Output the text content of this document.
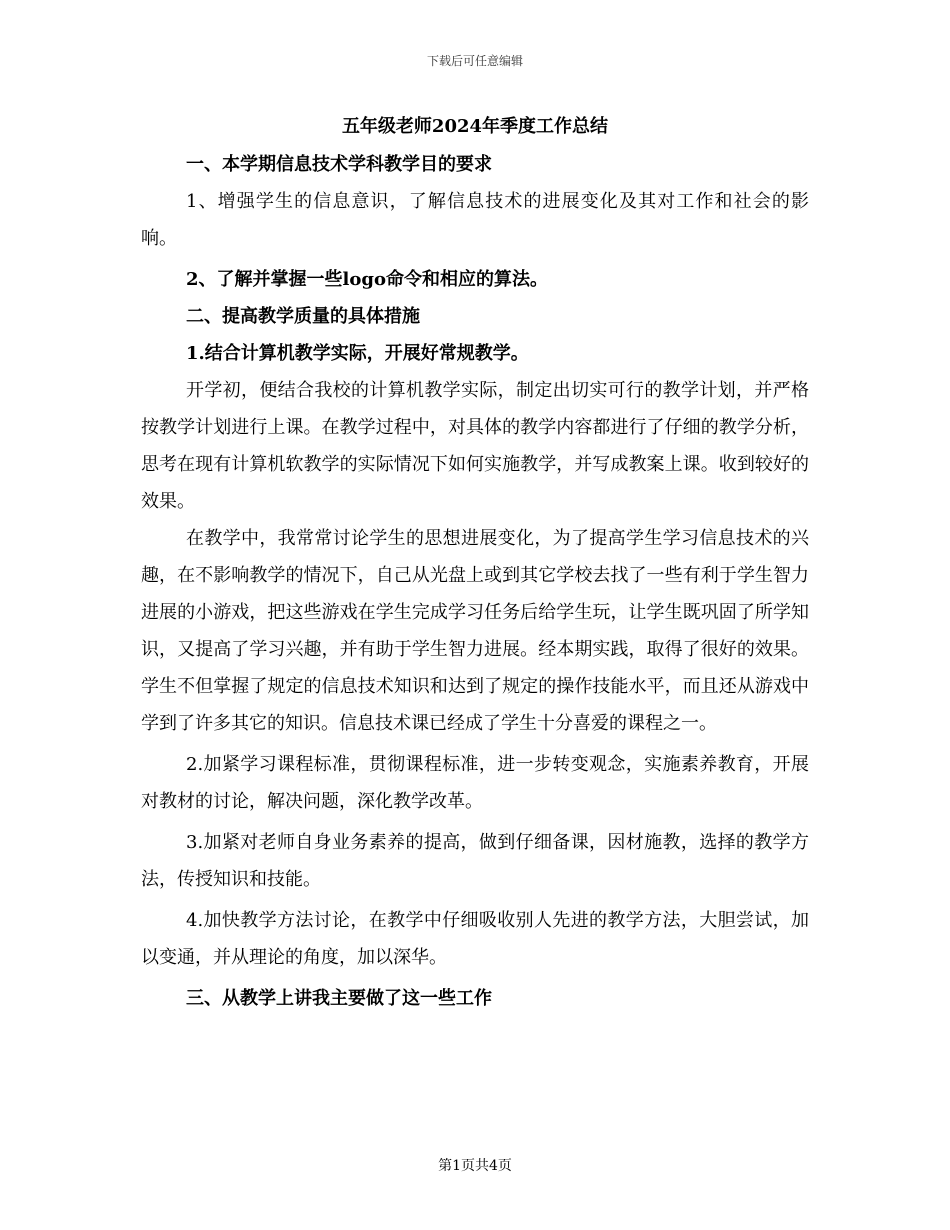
下载后可任意编辑
五年级老师2024年季度工作总结

一、本学期信息技术学科教学目的要求

1、增强学生的信息意识，了解信息技术的进展变化及其对工作和社会的影响。

2、了解并掌握一些logo命令和相应的算法。

二、提高教学质量的具体措施

1.结合计算机教学实际，开展好常规教学。

开学初，便结合我校的计算机教学实际，制定出切实可行的教学计划，并严格按教学计划进行上课。在教学过程中，对具体的教学内容都进行了仔细的教学分析，思考在现有计算机软教学的实际情况下如何实施教学，并写成教案上课。收到较好的效果。

在教学中，我常常讨论学生的思想进展变化，为了提高学生学习信息技术的兴趣，在不影响教学的情况下，自己从光盘上或到其它学校去找了一些有利于学生智力进展的小游戏，把这些游戏在学生完成学习任务后给学生玩，让学生既巩固了所学知识，又提高了学习兴趣，并有助于学生智力进展。经本期实践，取得了很好的效果。学生不但掌握了规定的信息技术知识和达到了规定的操作技能水平，而且还从游戏中学到了许多其它的知识。信息技术课已经成了学生十分喜爱的课程之一。

2.加紧学习课程标准，贯彻课程标准，进一步转变观念，实施素养教育，开展对教材的讨论，解决问题，深化教学改革。

3.加紧对老师自身业务素养的提高，做到仔细备课，因材施教，选择的教学方法，传授知识和技能。

4.加快教学方法讨论，在教学中仔细吸收别人先进的教学方法，大胆尝试，加以变通，并从理论的角度，加以深华。

三、从教学上讲我主要做了这一些工作

第1页共4页
